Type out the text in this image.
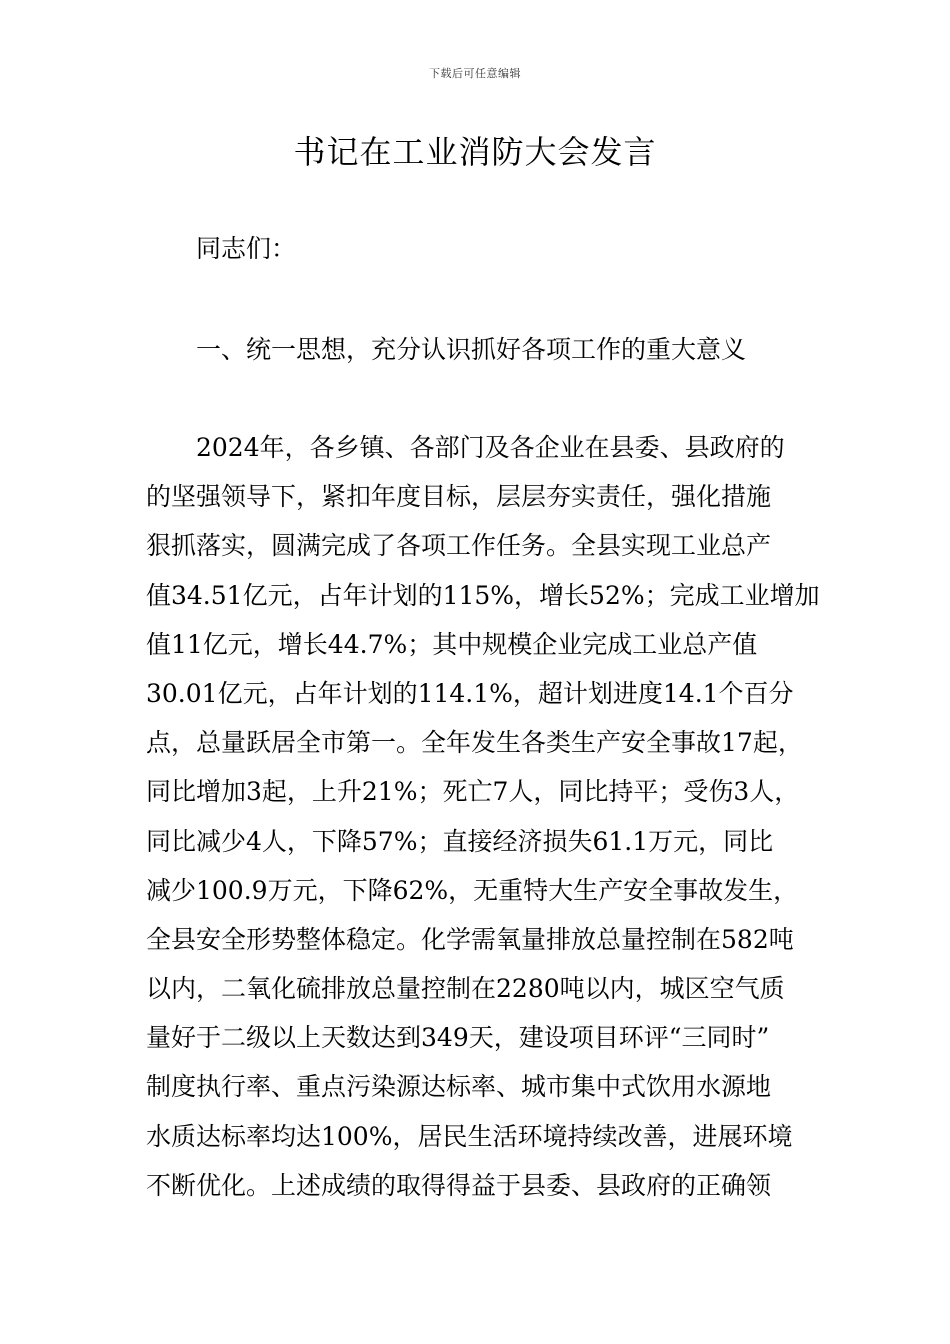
下载后可任意编辑
书记在工业消防大会发言
同志们：
一、统一思想，充分认识抓好各项工作的重大意义
2024年，各乡镇、各部门及各企业在县委、县政府的
的坚强领导下，紧扣年度目标，层层夯实责任，强化措施
狠抓落实，圆满完成了各项工作任务。全县实现工业总产
值34.51亿元，占年计划的115%，增长52%；完成工业增加
值11亿元，增长44.7%；其中规模企业完成工业总产值
30.01亿元，占年计划的114.1%，超计划进度14.1个百分
点，总量跃居全市第一。全年发生各类生产安全事故17起，
同比增加3起，上升21%；死亡7人，同比持平；受伤3人，
同比减少4人，下降57%；直接经济损失61.1万元，同比
减少100.9万元，下降62%，无重特大生产安全事故发生，
全县安全形势整体稳定。化学需氧量排放总量控制在582吨
以内，二氧化硫排放总量控制在2280吨以内，城区空气质
量好于二级以上天数达到349天，建设项目环评“三同时”
制度执行率、重点污染源达标率、城市集中式饮用水源地
水质达标率均达100%，居民生活环境持续改善，进展环境
不断优化。上述成绩的取得得益于县委、县政府的正确领
